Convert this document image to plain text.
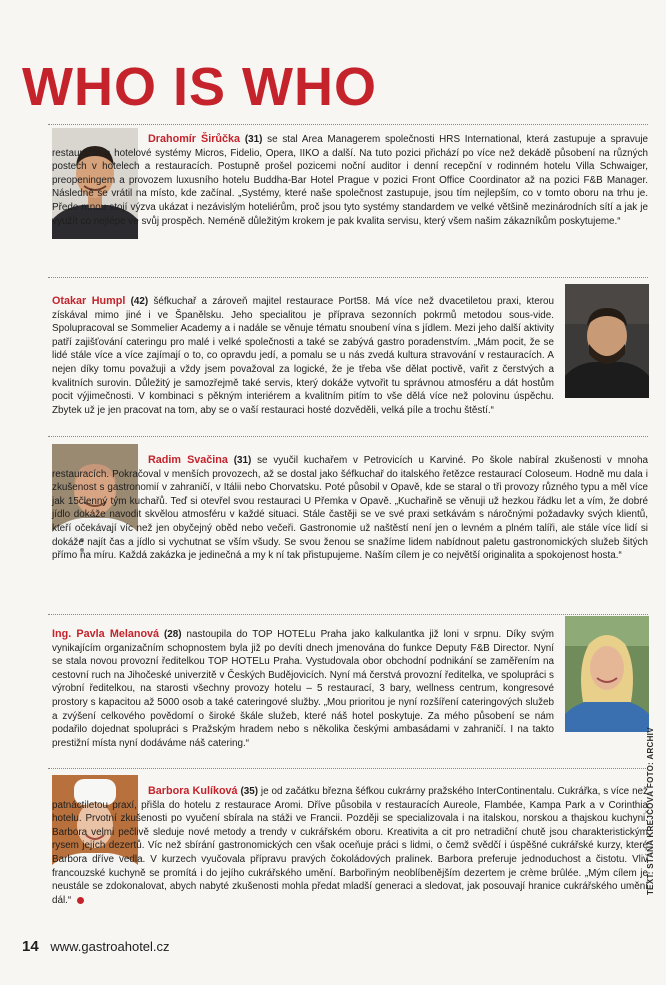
WHO IS WHO

Drahomír Širůčka (31) se stal Area Managerem společnosti HRS International, která zastupuje a spravuje restaurační a hotelové systémy Micros, Fidelio, Opera, IIKO a další. Na tuto pozici přichází po více než dekádě působení na různých postech v hotelech a restauracích. Postupně prošel pozicemi noční auditor i denní recepční v rodinném hotelu Villa Schwaiger, preopeningem a provozem luxusního hotelu Buddha-Bar Hotel Prague v pozici Front Office Coordinator až na pozici F&B Manager. Následně se vrátil na místo, kde začínal. „Systémy, které naše společnost zastupuje, jsou tím nejlepším, co v tomto oboru na trhu je. Přede mnou stojí výzva ukázat i nezávislým hoteliérům, proč jsou tyto systémy standardem ve velké většině mezinárodních sítí a jak je využít co nejlépe ve svůj prospěch. Neméně důležitým krokem je pak kvalita servisu, který všem našim zákazníkům poskytujeme.“

Otakar Humpl (42) šéfkuchař a zároveň majitel restaurace Port58. Má více než dvacetiletou praxi, kterou získával mimo jiné i ve Španělsku. Jeho specialitou je příprava sezonních pokrmů metodou sous-vide. Spolupracoval se Sommelier Academy a i nadále se věnuje tématu snoubení vína s jídlem. Mezi jeho další aktivity patří zajišťování cateringu pro malé i velké společnosti a také se zabývá gastro poradenstvím. „Mám pocit, že se lidé stále více a více zajímají o to, co opravdu jedí, a pomalu se u nás zvedá kultura stravování v restauracích. A nejen díky tomu považuji a vždy jsem považoval za logické, že je třeba vše dělat poctivě, vařit z čerstvých a kvalitních surovin. Důležitý je samozřejmě také servis, který dokáže vytvořit tu správnou atmosféru a dát hostům pocit výjimečnosti. V kombinaci s pěkným interiérem a kvalitním pitím to vše dělá více než polovinu úspěchu. Zbytek už je jen pracovat na tom, aby se o vaší restauraci hosté dozvěděli, velká píle a trochu štěstí.“

Radim Svačina (31) se vyučil kuchařem v Petrovicích u Karviné. Po škole nabíral zkušenosti v mnoha restauracích. Pokračoval v menších provozech, až se dostal jako šéfkuchař do italského řetězce restaurací Coloseum. Hodně mu dala i zkušenost s gastronomií v zahraničí, v Itálii nebo Chorvatsku. Poté působil v Opavě, kde se staral o tři provozy různého typu a měl více jak 15členný tým kuchařů. Teď si otevřel svou restauraci U Přemka v Opavě. „Kuchařině se věnuji už hezkou řádku let a vím, že dobré jídlo dokáže navodit skvělou atmosféru v každé situaci. Stále častěji se ve své praxi setkávám s náročnými požadavky svých klientů, kteří očekávají víc než jen obyčejný oběd nebo večeři. Gastronomie už naštěstí není jen o levném a plném talíři, ale stále více lidí si dokáže najít čas a jídlo si vychutnat se vším všudy. Se svou ženou se snažíme lidem nabídnout paletu gastronomických služeb šitých přímo na míru. Každá zakázka je jedinečná a my k ní tak přistupujeme. Naším cílem je co největší originalita a spokojenost hosta.“

Ing. Pavla Melanová (28) nastoupila do TOP HOTELu Praha jako kalkulantka již loni v srpnu. Díky svým vynikajícím organizačním schopnostem byla již po devíti dnech jmenována do funkce Deputy F&B Director. Nyní se stala novou provozní ředitelkou TOP HOTELu Praha. Vystudovala obor obchodní podnikání se zaměřením na cestovní ruch na Jihočeské univerzitě v Českých Budějovicích. Nyní má čerstvá provozní ředitelka, ve spolupráci s výrobní ředitelkou, na starosti všechny provozy hotelu – 5 restaurací, 3 bary, wellness centrum, kongresové prostory s kapacitou až 5000 osob a také cateringové služby. „Mou prioritou je nyní rozšíření cateringových služeb a zvýšení celkového povědomí o široké škále služeb, které náš hotel poskytuje. Za mého působení se nám podařilo dojednat spolupráci s Pražským hradem nebo s několika českými ambasádami v zahraničí. I na takto prestižní místa nyní dodáváme náš catering.“

Barbora Kulíková (35) je od začátku března šéfkou cukrárny pražského InterContinentalu. Cukrářka, s více než patnáctiletou praxí, přišla do hotelu z restaurace Aromi. Dříve působila v restauracích Aureole, Flambée, Kampa Park a v Corinthia hotelu. Prvotní zkušenosti po vyučení sbírala na stáži ve Francii. Později se specializovala i na italskou, norskou a thajskou kuchyni. Barbora velmi pečlivě sleduje nové metody a trendy v cukrářském oboru. Kreativita a cit pro netradiční chutě jsou charakteristickým rysem jejích dezertů. Víc než sbírání gastronomických cen však oceňuje práci s lidmi, o čemž svědčí i úspěšné cukrářské kurzy, které Barbora dříve vedla. V kurzech vyučovala přípravu pravých čokoládových pralinek. Barbora preferuje jednoduchost a čistotu. Vliv francouzské kuchyně se promítá i do jejího cukrářského umění. Barbořiným neoblíbenějším dezertem je crème brûlée. „Mým cílem je neustále se zdokonalovat, abych nabyté zkušenosti mohla předat mladší generaci a sledovat, jak posouvají hranice cukrářského umění dál.“

14 www.gastroahotel.cz
TEXT: STÁŇA KREJČOVÁ FOTO: ARCHIV
